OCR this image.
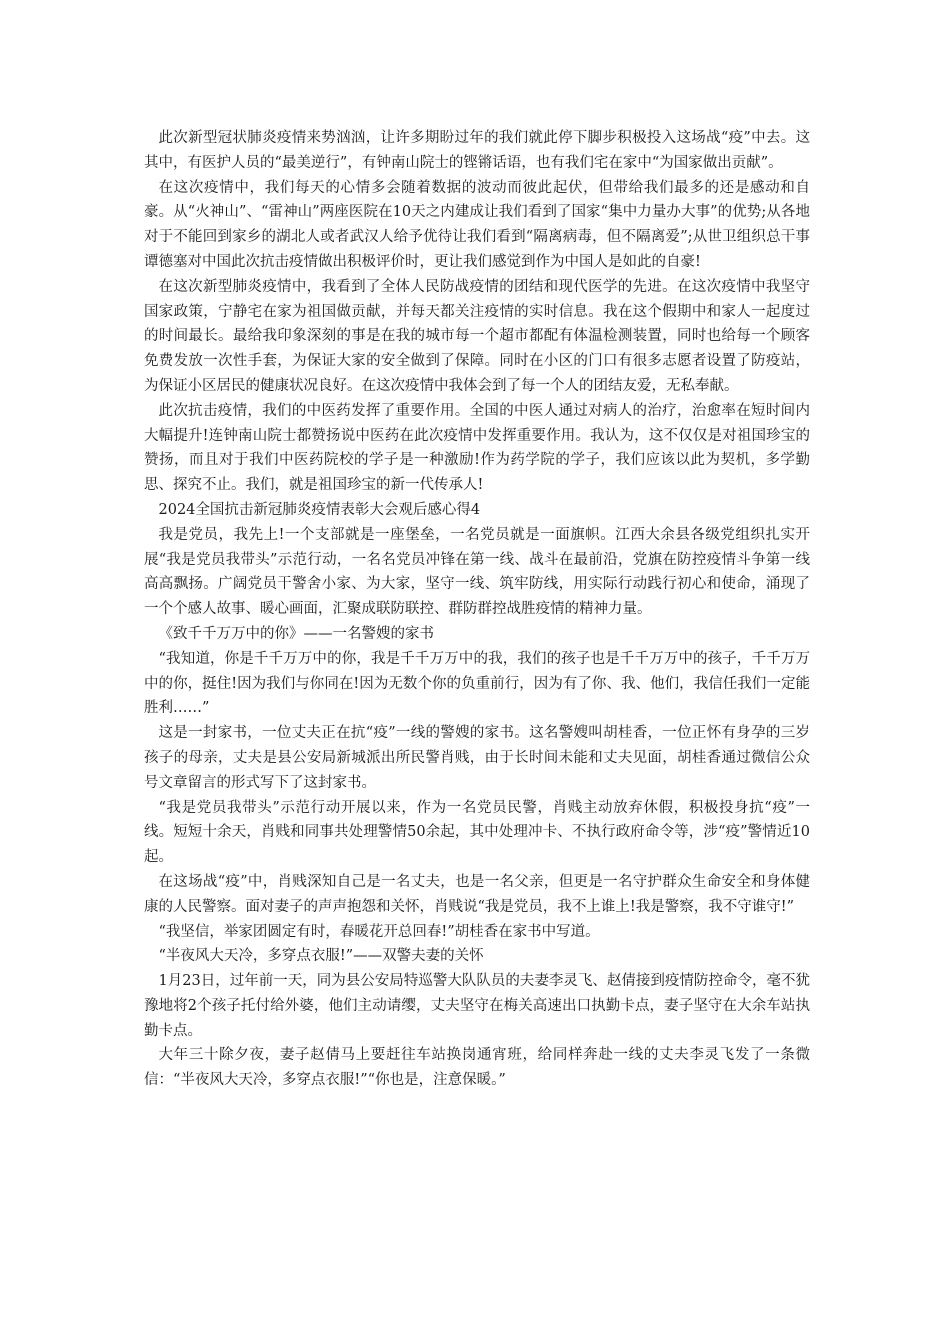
此次新型冠状肺炎疫情来势汹汹，让许多期盼过年的我们就此停下脚步积极投入这场战“疫”中去。这其中，有医护人员的“最美逆行”，有钟南山院士的铿锵话语，也有我们宅在家中“为国家做出贡献”。

在这次疫情中，我们每天的心情多会随着数据的波动而彼此起伏，但带给我们最多的还是感动和自豪。从“火神山”、“雷神山”两座医院在10天之内建成让我们看到了国家“集中力量办大事”的优势;从各地对于不能回到家乡的湖北人或者武汉人给予优待让我们看到“隔离病毒，但不隔离爱”;从世卫组织总干事谭德塞对中国此次抗击疫情做出积极评价时，更让我们感觉到作为中国人是如此的自豪!

在这次新型肺炎疫情中，我看到了全体人民防战疫情的团结和现代医学的先进。在这次疫情中我坚守国家政策，宁静宅在家为祖国做贡献，并每天都关注疫情的实时信息。我在这个假期中和家人一起度过的时间最长。最给我印象深刻的事是在我的城市每一个超市都配有体温检测装置，同时也给每一个顾客免费发放一次性手套，为保证大家的安全做到了保障。同时在小区的门口有很多志愿者设置了防疫站，为保证小区居民的健康状况良好。在这次疫情中我体会到了每一个人的团结友爱，无私奉献。

此次抗击疫情，我们的中医药发挥了重要作用。全国的中医人通过对病人的治疗，治愈率在短时间内大幅提升!连钟南山院士都赞扬说中医药在此次疫情中发挥重要作用。我认为，这不仅仅是对祖国珍宝的赞扬，而且对于我们中医药院校的学子是一种激励!作为药学院的学子，我们应该以此为契机，多学勤思、探究不止。我们，就是祖国珍宝的新一代传承人!

2024全国抗击新冠肺炎疫情表彰大会观后感心得4

我是党员，我先上!一个支部就是一座堡垒，一名党员就是一面旗帜。江西大余县各级党组织扎实开展“我是党员我带头”示范行动，一名名党员冲锋在第一线、战斗在最前沿，党旗在防控疫情斗争第一线高高飘扬。广阔党员干警舍小家、为大家，坚守一线、筑牢防线，用实际行动践行初心和使命，涌现了一个个感人故事、暖心画面，汇聚成联防联控、群防群控战胜疫情的精神力量。

《致千千万万中的你》——一名警嫂的家书

“我知道，你是千千万万中的你，我是千千万万中的我，我们的孩子也是千千万万中的孩子，千千万万中的你，挺住!因为我们与你同在!因为无数个你的负重前行，因为有了你、我、他们，我信任我们一定能胜利……”

这是一封家书，一位丈夫正在抗“疫”一线的警嫂的家书。这名警嫂叫胡桂香，一位正怀有身孕的三岁孩子的母亲，丈夫是县公安局新城派出所民警肖贱，由于长时间未能和丈夫见面，胡桂香通过微信公众号文章留言的形式写下了这封家书。

“我是党员我带头”示范行动开展以来，作为一名党员民警，肖贱主动放弃休假，积极投身抗“疫”一线。短短十余天，肖贱和同事共处理警情50余起，其中处理冲卡、不执行政府命令等，涉“疫”警情近10起。

在这场战“疫”中，肖贱深知自己是一名丈夫，也是一名父亲，但更是一名守护群众生命安全和身体健康的人民警察。面对妻子的声声抱怨和关怀，肖贱说“我是党员，我不上谁上!我是警察，我不守谁守!”

“我坚信，举家团圆定有时，春暖花开总回春!”胡桂香在家书中写道。

“半夜风大天冷，多穿点衣服!”——双警夫妻的关怀

1月23日，过年前一天，同为县公安局特巡警大队队员的夫妻李灵飞、赵倩接到疫情防控命令，毫不犹豫地将2个孩子托付给外婆，他们主动请缨，丈夫坚守在梅关高速出口执勤卡点，妻子坚守在大余车站执勤卡点。

大年三十除夕夜，妻子赵倩马上要赶往车站换岗通宵班，给同样奔赴一线的丈夫李灵飞发了一条微信：“半夜风大天冷，多穿点衣服!”“你也是，注意保暖。”
